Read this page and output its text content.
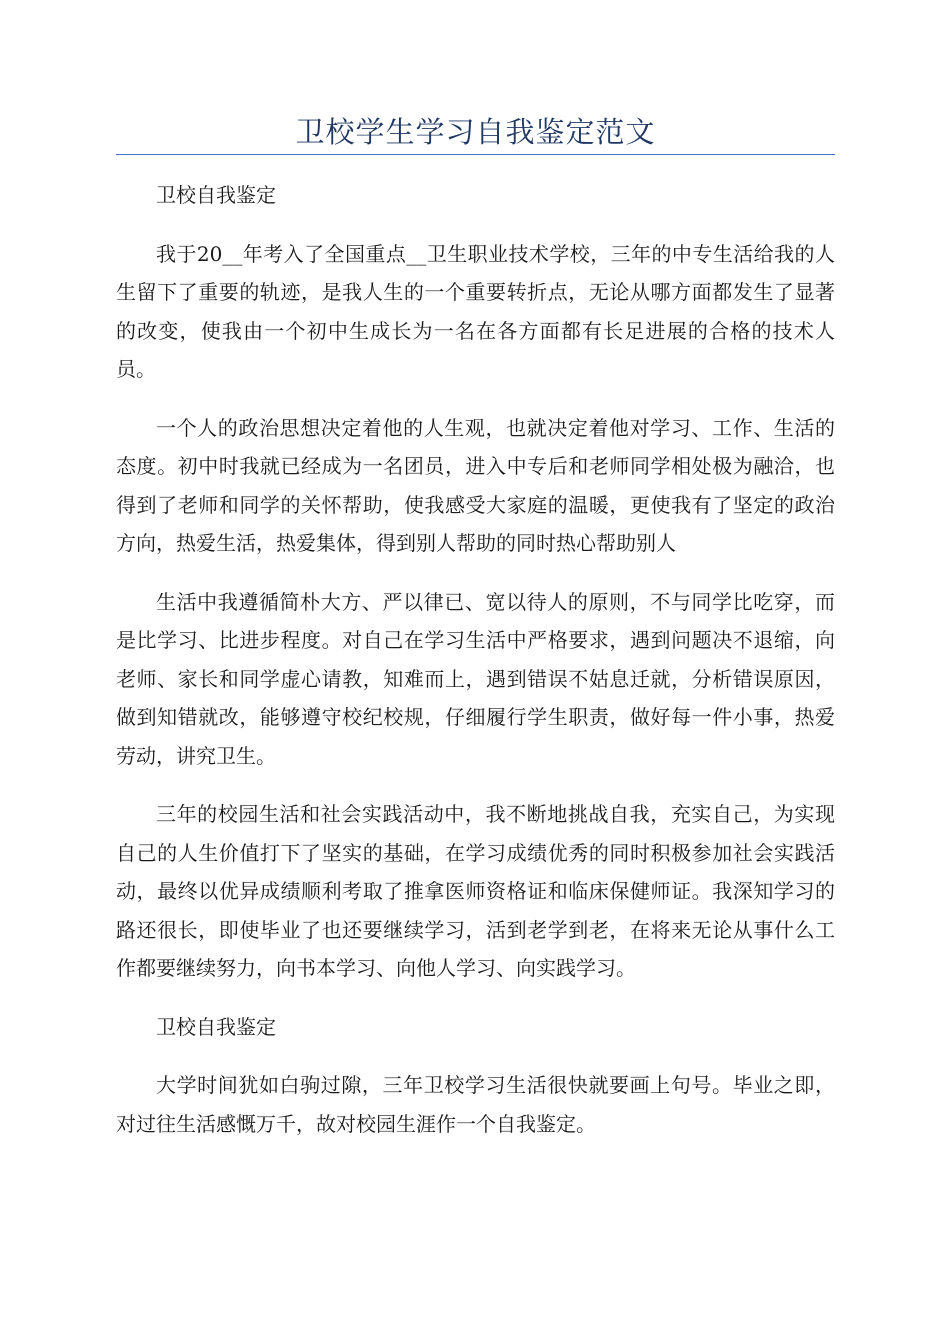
卫校学生学习自我鉴定范文

卫校自我鉴定

我于20__年考入了全国重点__卫生职业技术学校，三年的中专生活给我的人生留下了重要的轨迹，是我人生的一个重要转折点，无论从哪方面都发生了显著的改变，使我由一个初中生成长为一名在各方面都有长足进展的合格的技术人员。

一个人的政治思想决定着他的人生观，也就决定着他对学习、工作、生活的态度。初中时我就已经成为一名团员，进入中专后和老师同学相处极为融洽，也得到了老师和同学的关怀帮助，使我感受大家庭的温暖，更使我有了坚定的政治方向，热爱生活，热爱集体，得到别人帮助的同时热心帮助别人

生活中我遵循简朴大方、严以律已、宽以待人的原则，不与同学比吃穿，而是比学习、比进步程度。对自己在学习生活中严格要求，遇到问题决不退缩，向老师、家长和同学虚心请教，知难而上，遇到错误不姑息迁就，分析错误原因，做到知错就改，能够遵守校纪校规，仔细履行学生职责，做好每一件小事，热爱劳动，讲究卫生。

三年的校园生活和社会实践活动中，我不断地挑战自我，充实自己，为实现自己的人生价值打下了坚实的基础，在学习成绩优秀的同时积极参加社会实践活动，最终以优异成绩顺利考取了推拿医师资格证和临床保健师证。我深知学习的路还很长，即使毕业了也还要继续学习，活到老学到老，在将来无论从事什么工作都要继续努力，向书本学习、向他人学习、向实践学习。

卫校自我鉴定

大学时间犹如白驹过隙，三年卫校学习生活很快就要画上句号。毕业之即，对过往生活感慨万千，故对校园生涯作一个自我鉴定。
